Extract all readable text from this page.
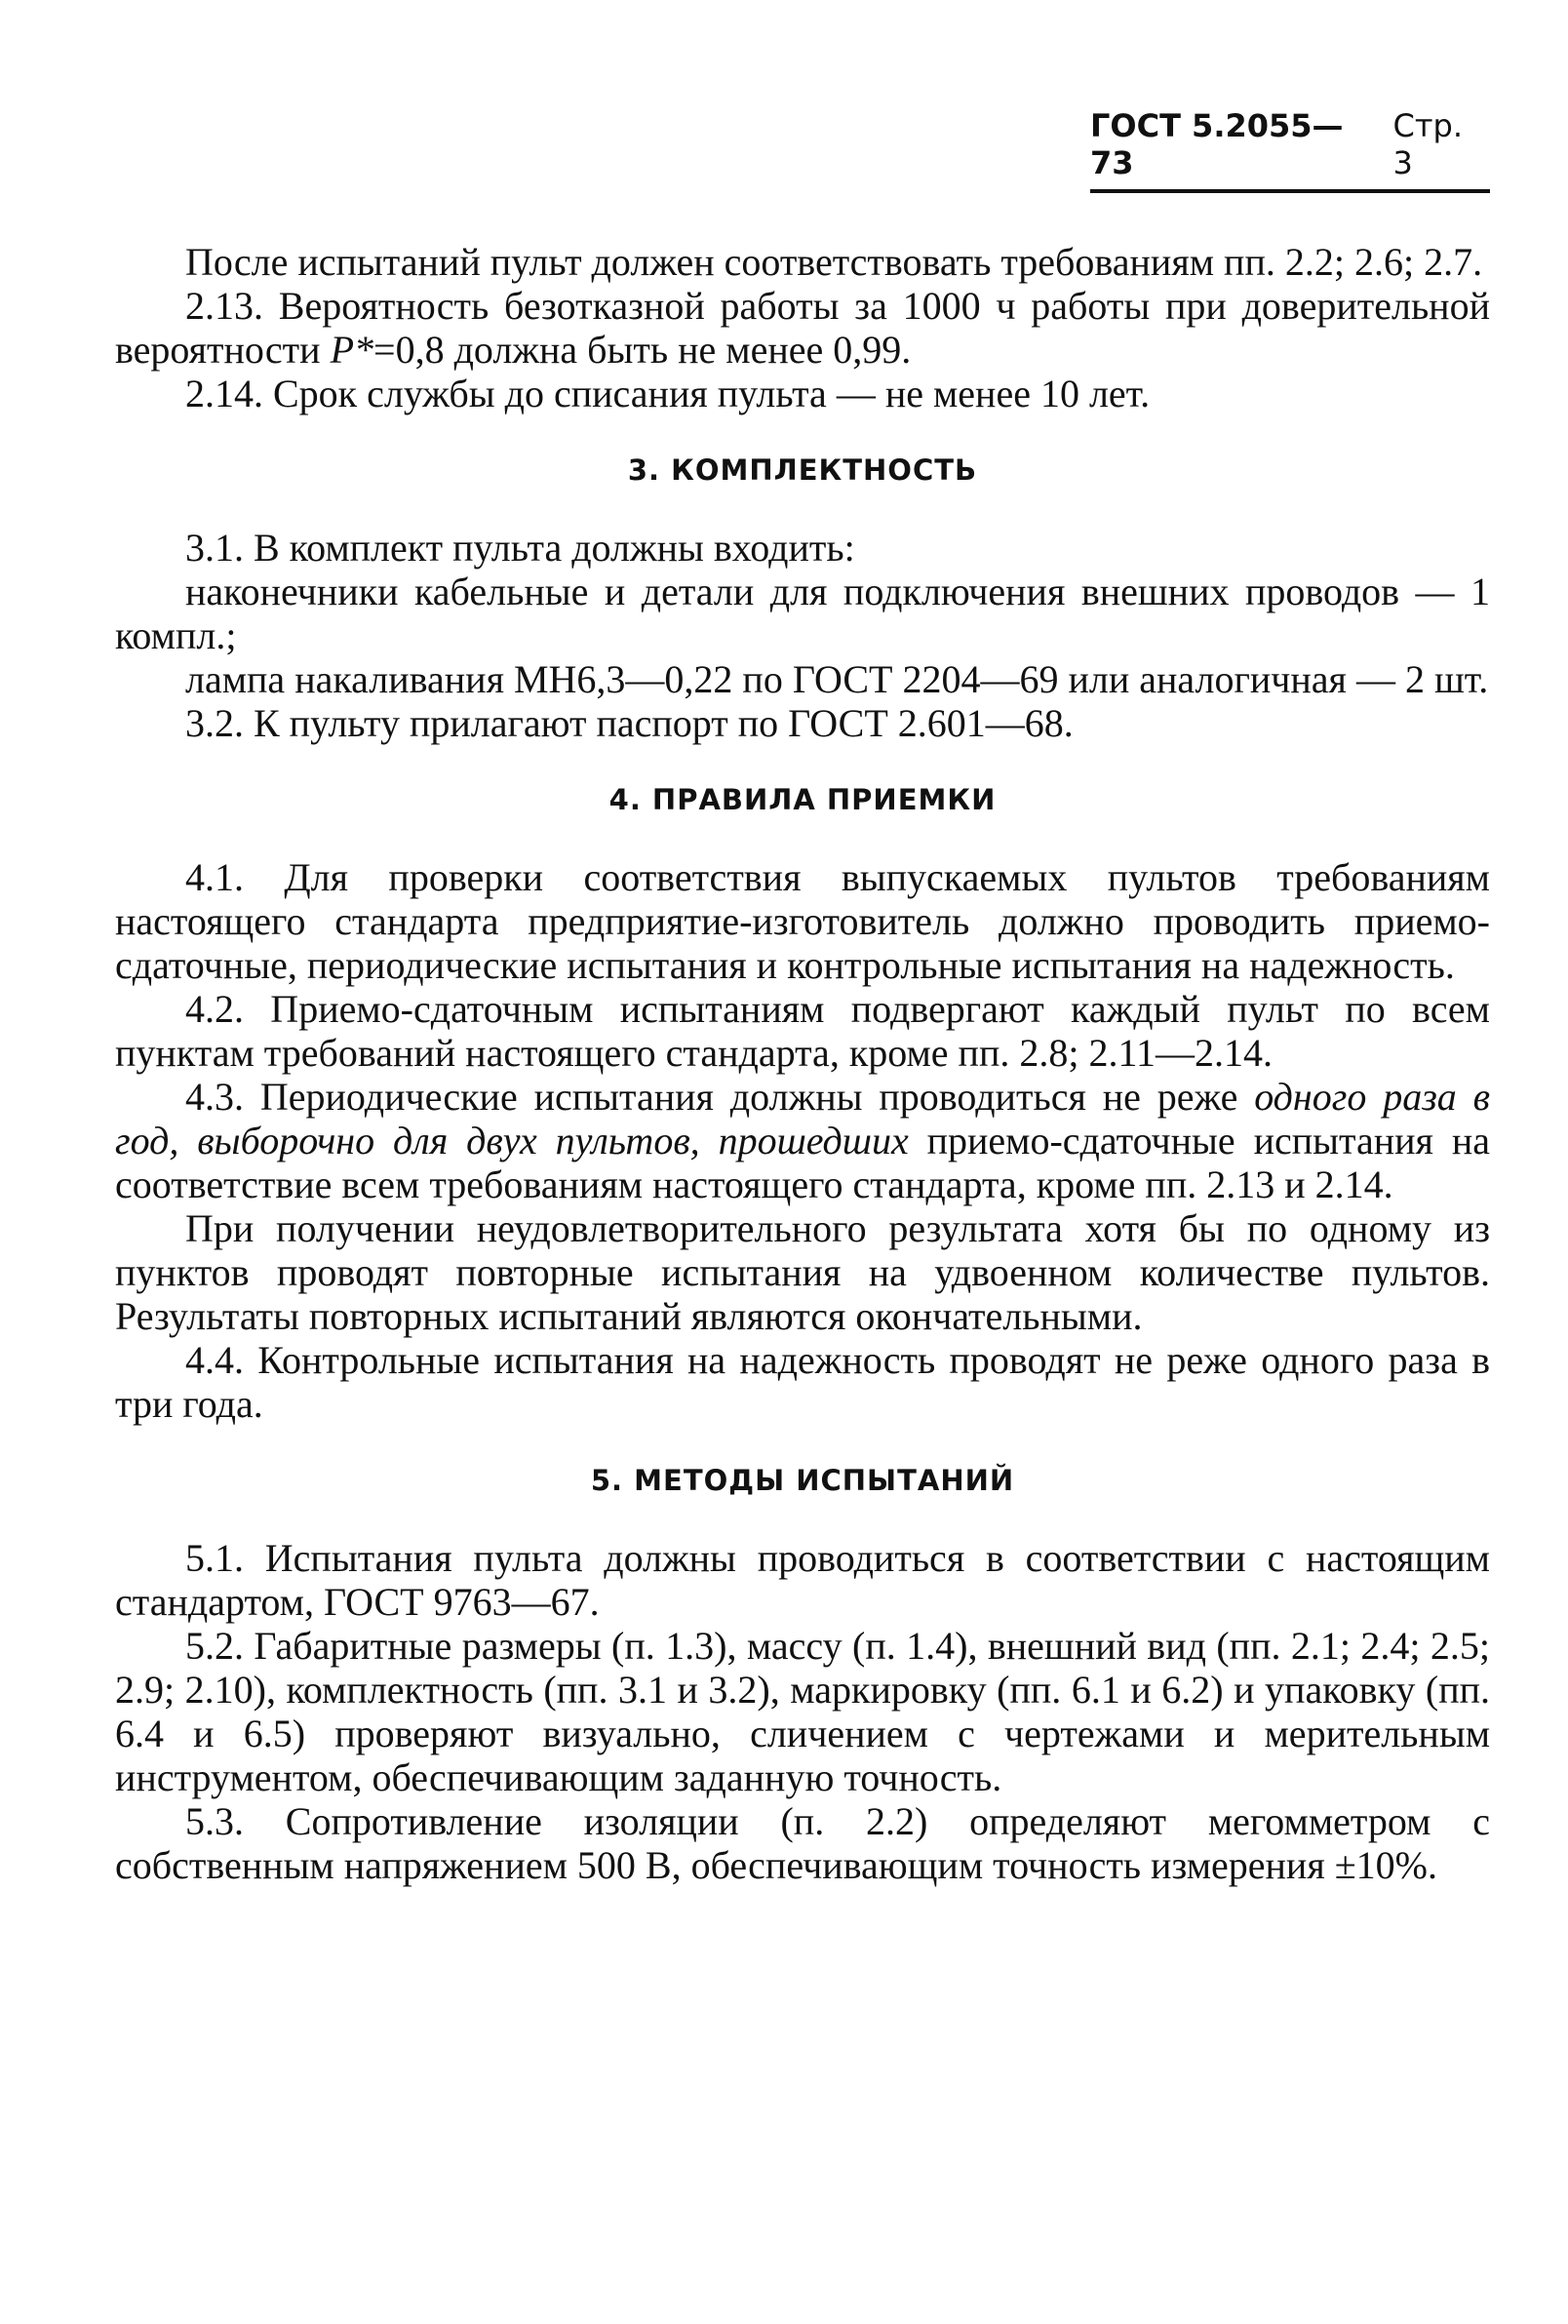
ГОСТ 5.2055—73
Стр. 3

После испытаний пульт должен соответствовать требованиям пп. 2.2; 2.6; 2.7.

2.13. Вероятность безотказной работы за 1000 ч работы при доверительной вероятности P*=0,8 должна быть не менее 0,99.

2.14. Срок службы до списания пульта — не менее 10 лет.

3. КОМПЛЕКТНОСТЬ

3.1. В комплект пульта должны входить:

наконечники кабельные и детали для подключения внешних проводов — 1 компл.;

лампа накаливания МН6,3—0,22 по ГОСТ 2204—69 или аналогичная — 2 шт.

3.2. К пульту прилагают паспорт по ГОСТ 2.601—68.

4. ПРАВИЛА ПРИЕМКИ

4.1. Для проверки соответствия выпускаемых пультов требованиям настоящего стандарта предприятие-изготовитель должно проводить приемо-сдаточные, периодические испытания и контрольные испытания на надежность.

4.2. Приемо-сдаточным испытаниям подвергают каждый пульт по всем пунктам требований настоящего стандарта, кроме пп. 2.8; 2.11—2.14.

4.3. Периодические испытания должны проводиться не реже одного раза в год, выборочно для двух пультов, прошедших приемо-сдаточные испытания на соответствие всем требованиям настоящего стандарта, кроме пп. 2.13 и 2.14.

При получении неудовлетворительного результата хотя бы по одному из пунктов проводят повторные испытания на удвоенном количестве пультов. Результаты повторных испытаний являются окончательными.

4.4. Контрольные испытания на надежность проводят не реже одного раза в три года.

5. МЕТОДЫ ИСПЫТАНИЙ

5.1. Испытания пульта должны проводиться в соответствии с настоящим стандартом, ГОСТ 9763—67.

5.2. Габаритные размеры (п. 1.3), массу (п. 1.4), внешний вид (пп. 2.1; 2.4; 2.5; 2.9; 2.10), комплектность (пп. 3.1 и 3.2), маркировку (пп. 6.1 и 6.2) и упаковку (пп. 6.4 и 6.5) проверяют визуально, сличением с чертежами и мерительным инструментом, обеспечивающим заданную точность.

5.3. Сопротивление изоляции (п. 2.2) определяют мегомметром с собственным напряжением 500 В, обеспечивающим точность измерения ±10%.
